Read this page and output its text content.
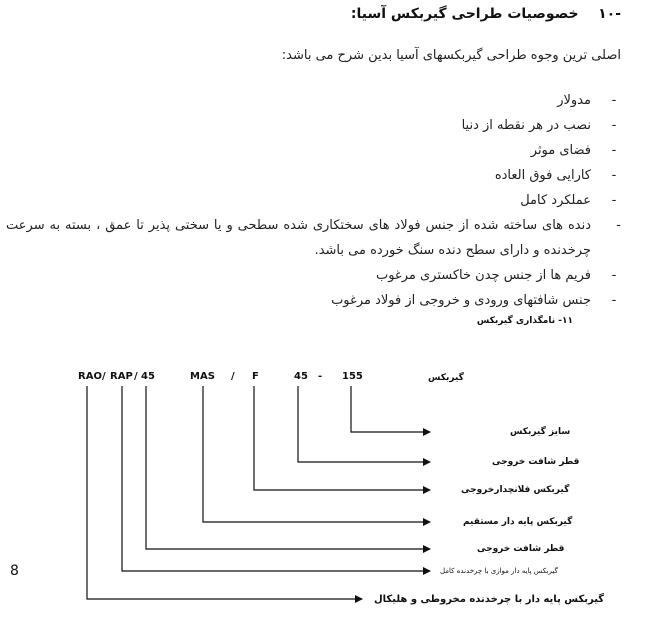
-۱۰    خصوصیات طراحی گیربکس آسیا:
اصلی ترین وجوه طراحی گیربکسهای آسیا بدین شرح می باشد:
-
مدولار
-
نصب در هر نقطه از دنیا
-
فضای موثر
-
کارایی فوق العاده
-
عملکرد کامل
-
دنده های ساخته شده از جنس فولاد های سختکاری شده سطحی و یا سختی پذیر تا عمق ، بسته به سرعت چرخدنده و دارای سطح دنده سنگ خورده می باشد.
-
فریم ها از جنس چدن خاکستری مرغوب
-
جنس شافتهای ورودی و خروجی از فولاد مرغوب
۱۱- نامگذاری گیربکس
RAO / RAP / 45	MAS / F	45 - 155	گیربکس
سایز گیربکس
قطر شافت خروجی
گیربکس فلانچدارخروجی
گیربکس پایه دار مستقیم
قطر شافت خروجی
گیربکس پایه دار موازی با چرخدنده کامل
گیربکس پایه دار با چرخدنده مخروطی و هلیکال
8
